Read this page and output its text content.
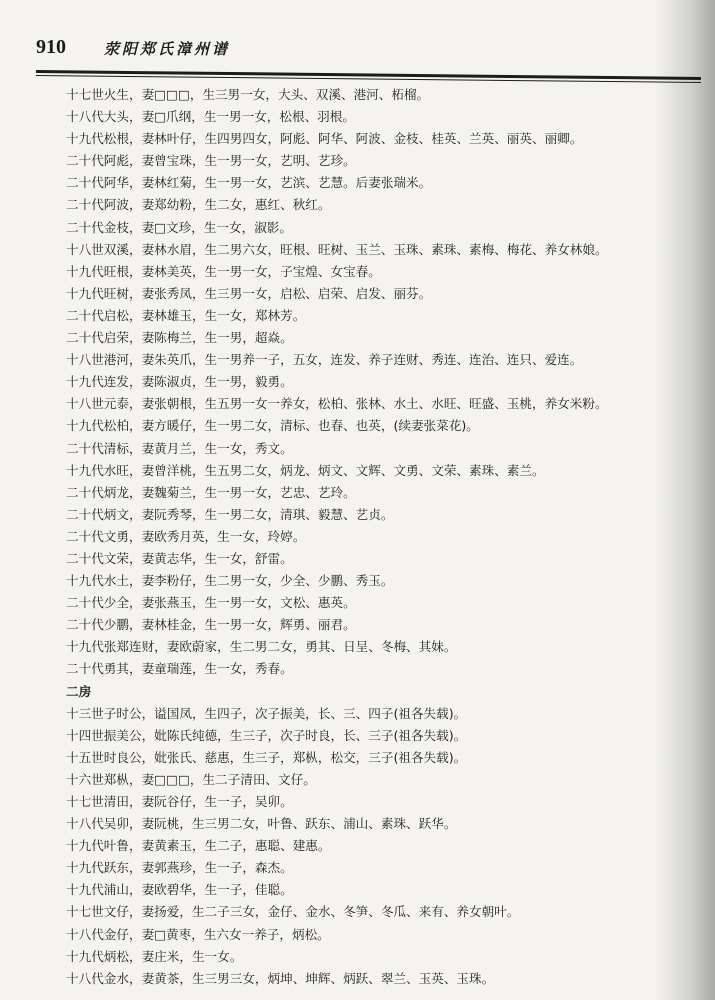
910	荥阳郑氏漳州谱
十七世火生，妻□□□，生三男一女，大头、双溪、港河、柘榴。
十八代大头，妻□爪纲，生一男一女，松根、羽根。
十九代松根，妻林叶仔，生四男四女，阿彪、阿华、阿波、金枝、桂英、兰英、丽英、丽卿。
二十代阿彪，妻曾宝珠，生一男一女，艺明、艺珍。
二十代阿华，妻林红菊，生一男一女，艺滨、艺慧。后妻张瑞米。
二十代阿波，妻郑幼粉，生二女，惠红、秋红。
二十代金枝，妻□文珍，生一女，淑影。
十八世双溪，妻林水眉，生二男六女，旺根、旺树、玉兰、玉珠、素珠、素梅、梅花、养女林娘。
十九代旺根，妻林美英，生一男一女，子宝煌、女宝春。
十九代旺树，妻张秀凤，生三男一女，启松、启荣、启发、丽芬。
二十代启松，妻林雄玉，生一女，郑林芳。
二十代启荣，妻陈梅兰，生一男，超焱。
十八世港河，妻朱英爪，生一男养一子，五女，连发、养子连财、秀连、连治、连只、爱连。
十九代连发，妻陈淑贞，生一男，毅勇。
十八世元泰，妻张朝根，生五男一女一养女，松柏、张林、水土、水旺、旺盛、玉桃，养女米粉。
十九代松柏，妻方暖仔，生一男二女，清标、也春、也英，(续妻张菜花)。
二十代清标，妻黄月兰，生一女，秀文。
十九代水旺，妻曾洋桃，生五男二女，炳龙、炳文、文辉、文勇、文荣、素珠、素兰。
二十代炳龙，妻魏菊兰，生一男一女，艺忠、艺玲。
二十代炳文，妻阮秀琴，生一男二女，清琪、毅慧、艺贞。
二十代文勇，妻欧秀月英，生一女，玲婷。
二十代文荣，妻黄志华，生一女，舒雷。
十九代水土，妻李粉仔，生二男一女，少全、少鹏、秀玉。
二十代少全，妻张燕玉，生一男一女，文松、惠英。
二十代少鹏，妻林桂金，生一男一女，辉勇、丽君。
十九代张郑连财，妻欧蔚家，生二男二女，勇其、日呈、冬梅、其妹。
二十代勇其，妻童瑞莲，生一女，秀春。
二房
十三世子时公，谥国凤，生四子，次子振美，长、三、四子(祖各失载)。
十四世振美公，妣陈氏纯德，生三子，次子时良，长、三子(祖各失载)。
十五世时良公，妣张氏、慈惠，生三子，郑枞，松交，三子(祖各失载)。
十六世郑枞，妻□□□，生二子清田、文仔。
十七世清田，妻阮谷仔，生一子，吴卯。
十八代吴卯，妻阮桃，生三男二女，叶鲁、跃东、浦山、素珠、跃华。
十九代叶鲁，妻黄素玉，生二子，惠聪、建惠。
十九代跃东，妻郭燕珍，生一子，森杰。
十九代浦山，妻欧碧华，生一子，佳聪。
十七世文仔，妻扬爱，生二子三女，金仔、金水、冬笋、冬瓜、来有、养女朝叶。
十八代金仔，妻□黄枣，生六女一养子，炳松。
十九代炳松，妻庄米，生一女。
十八代金水，妻黄茶，生三男三女，炳坤、坤辉、炳跃、翠兰、玉英、玉珠。
